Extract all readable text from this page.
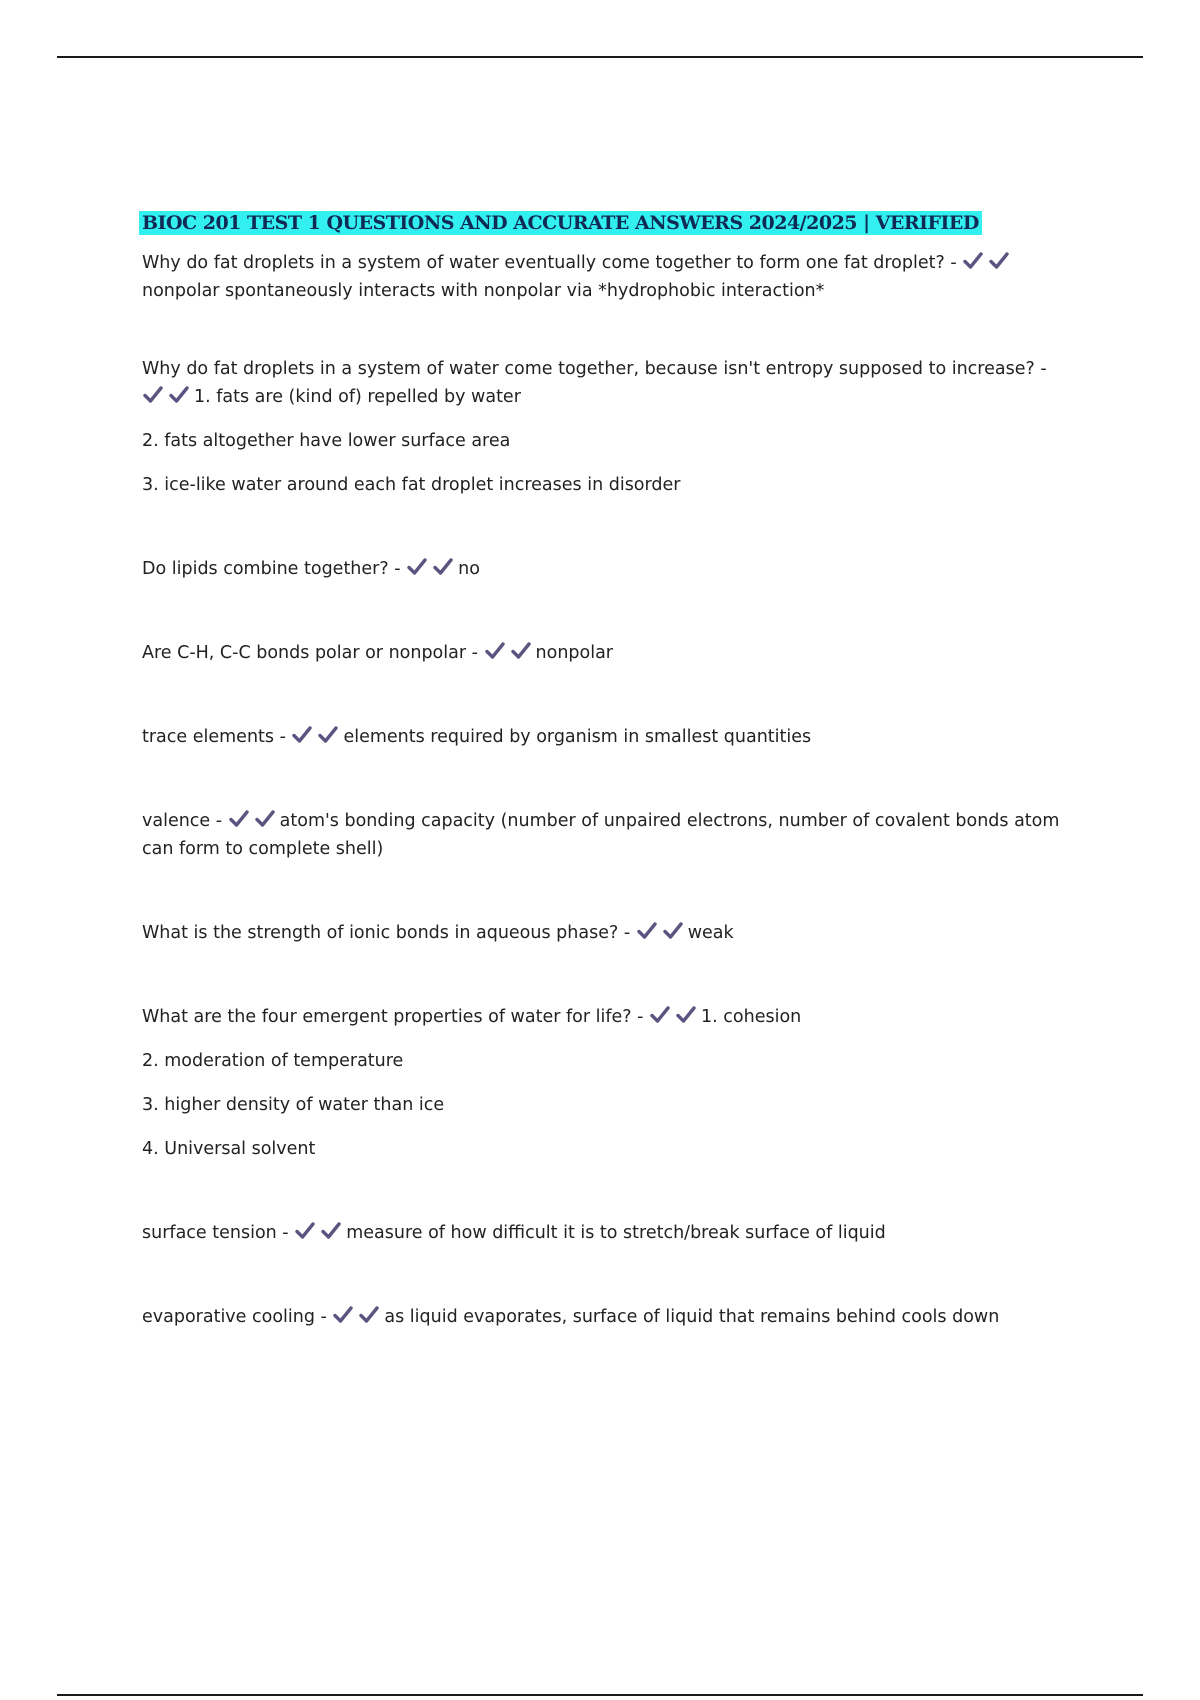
BIOC 201 TEST 1 QUESTIONS AND ACCURATE ANSWERS 2024/2025 | VERIFIED

Why do fat droplets in a system of water eventually come together to form one fat droplet? -
nonpolar spontaneously interacts with nonpolar via *hydrophobic interaction*

Why do fat droplets in a system of water come together, because isn't entropy supposed to increase? -
1. fats are (kind of) repelled by water

2. fats altogether have lower surface area

3. ice-like water around each fat droplet increases in disorder

Do lipids combine together? -	no

Are C-H, C-C bonds polar or nonpolar -	nonpolar

trace elements -	elements required by organism in smallest quantities

valence -	atom's bonding capacity (number of unpaired electrons, number of covalent bonds atom can form to complete shell)

What is the strength of ionic bonds in aqueous phase? -	weak

What are the four emergent properties of water for life? -	1. cohesion

2. moderation of temperature

3. higher density of water than ice

4. Universal solvent

surface tension -	measure of how difficult it is to stretch/break surface of liquid

evaporative cooling -	as liquid evaporates, surface of liquid that remains behind cools down
